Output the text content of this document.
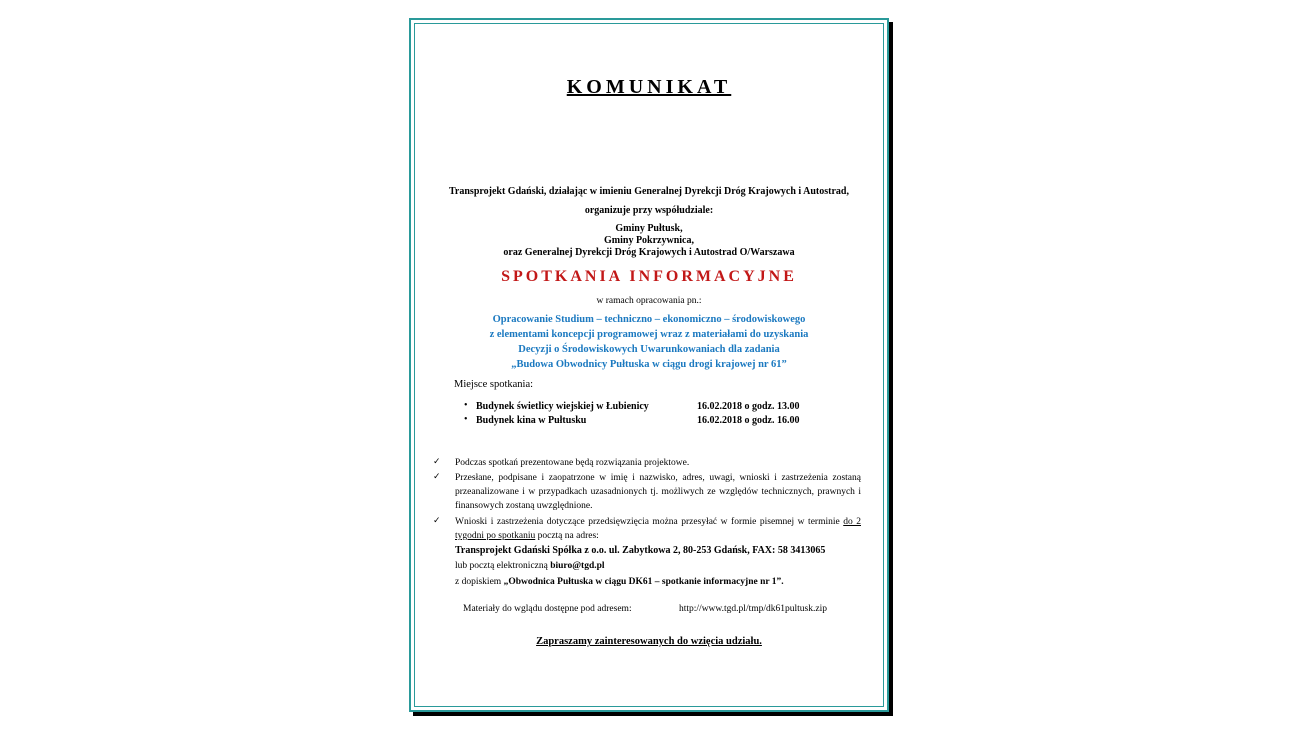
KOMUNIKAT
Transprojekt Gdański, działając w imieniu Generalnej Dyrekcji Dróg Krajowych i Autostrad,
organizuje przy współudziale:
Gminy Pułtusk,
Gminy Pokrzywnica,
oraz Generalnej Dyrekcji Dróg Krajowych i Autostrad O/Warszawa
SPOTKANIA INFORMACYJNE
w ramach opracowania pn.:
Opracowanie Studium – techniczno – ekonomiczno – środowiskowego
z elementami koncepcji programowej wraz z materiałami do uzyskania
Decyzji o Środowiskowych Uwarunkowaniach dla zadania
„Budowa Obwodnicy Pułtuska w ciągu drogi krajowej nr 61”
Miejsce spotkania:
• Budynek świetlicy wiejskiej w Łubienicy	16.02.2018 o godz. 13.00
• Budynek kina w Pułtusku	16.02.2018 o godz. 16.00
✓ Podczas spotkań prezentowane będą rozwiązania projektowe.
✓ Przesłane, podpisane i zaopatrzone w imię i nazwisko, adres, uwagi, wnioski i zastrzeżenia zostaną przeanalizowane i w przypadkach uzasadnionych tj. możliwych ze względów technicznych, prawnych i finansowych zostaną uwzględnione.
✓ Wnioski i zastrzeżenia dotyczące przedsięwzięcia można przesyłać w formie pisemnej w terminie do 2 tygodni po spotkaniu pocztą na adres:
Transprojekt Gdański Spółka z o.o. ul. Zabytkowa 2, 80-253 Gdańsk, FAX: 58 3413065
lub pocztą elektroniczną biuro@tgd.pl
z dopiskiem „Obwodnica Pułtuska w ciągu DK61 – spotkanie informacyjne nr 1”.
Materiały do wglądu dostępne pod adresem:	http://www.tgd.pl/tmp/dk61pultusk.zip
Zapraszamy zainteresowanych do wzięcia udziału.
